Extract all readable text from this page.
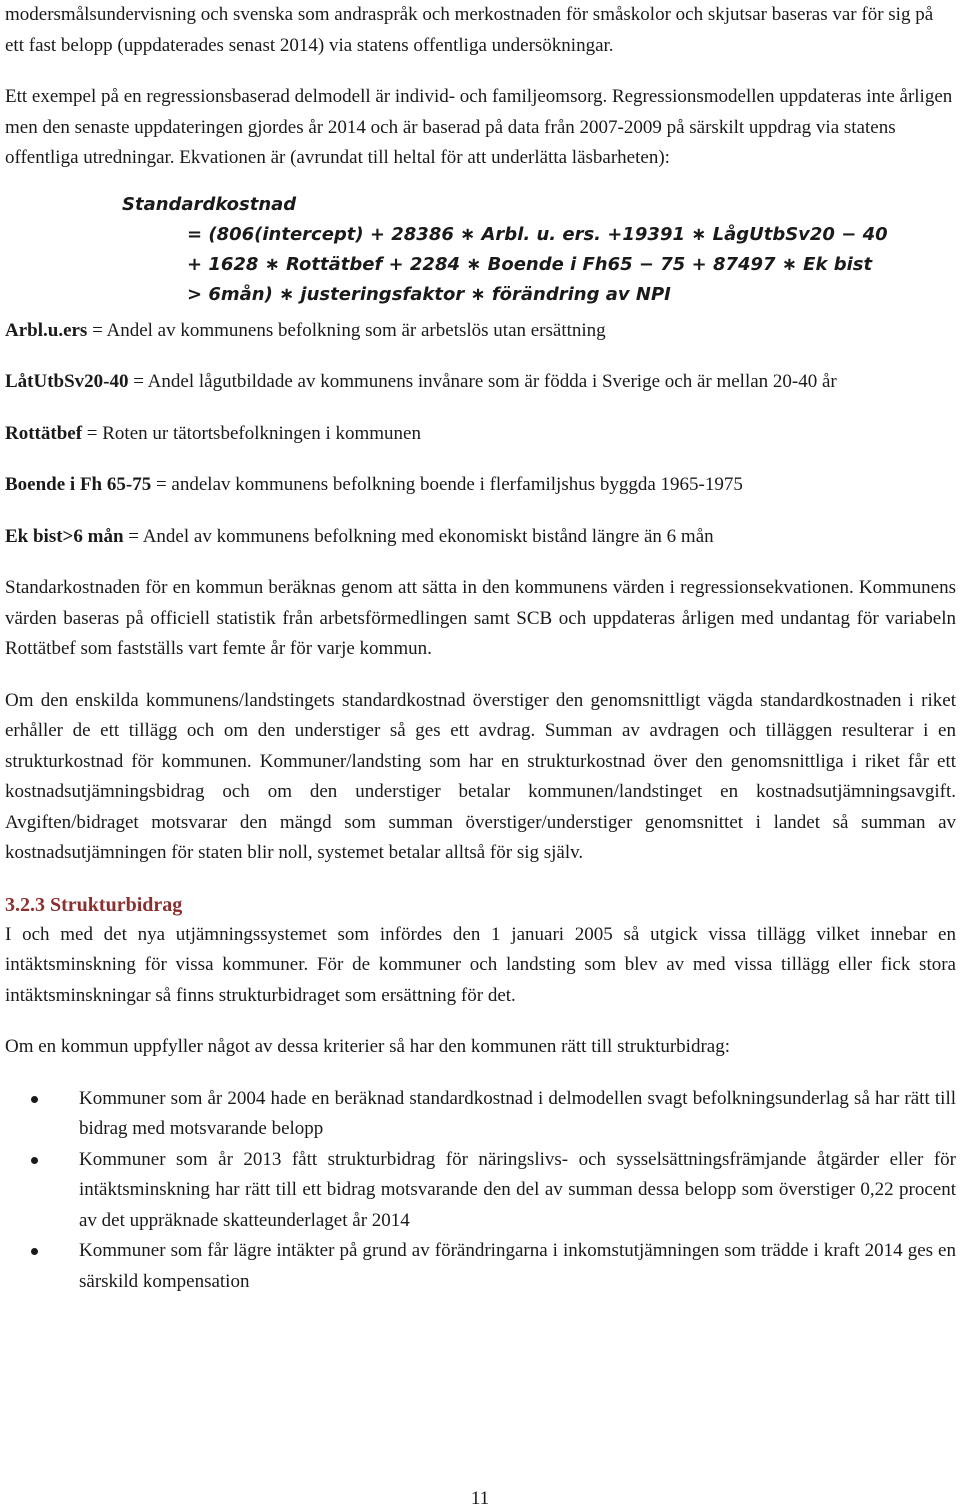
modersmålsundervisning och svenska som andraspråk och merkostnaden för småskolor och skjutsar baseras var för sig på ett fast belopp (uppdaterades senast 2014) via statens offentliga undersökningar.

Ett exempel på en regressionsbaserad delmodell är individ- och familjeomsorg. Regressionsmodellen uppdateras inte årligen men den senaste uppdateringen gjordes år 2014 och är baserad på data från 2007-2009 på särskilt uppdrag via statens offentliga utredningar. Ekvationen är (avrundat till heltal för att underlätta läsbarheten):

Standardkostnad
= (806(intercept) + 28386 ∗ Arbl. u. ers. +19391 ∗ LågUtbSv20 − 40
+ 1628 ∗ Rottätbef + 2284 ∗ Boende i Fh65 − 75 + 87497 ∗ Ek bist
> 6mån) ∗ justeringsfaktor ∗ förändring av NPI

Arbl.u.ers = Andel av kommunens befolkning som är arbetslös utan ersättning

LåtUtbSv20-40 = Andel lågutbildade av kommunens invånare som är födda i Sverige och är mellan 20-40 år

Rottätbef = Roten ur tätortsbefolkningen i kommunen

Boende i Fh 65-75 = andelav kommunens befolkning boende i flerfamiljshus byggda 1965-1975

Ek bist>6 mån = Andel av kommunens befolkning med ekonomiskt bistånd längre än 6 mån

Standarkostnaden för en kommun beräknas genom att sätta in den kommunens värden i regressionsekvationen. Kommunens värden baseras på officiell statistik från arbetsförmedlingen samt SCB och uppdateras årligen med undantag för variabeln Rottätbef som fastställs vart femte år för varje kommun.

Om den enskilda kommunens/landstingets standardkostnad överstiger den genomsnittligt vägda standardkostnaden i riket erhåller de ett tillägg och om den understiger så ges ett avdrag. Summan av avdragen och tilläggen resulterar i en strukturkostnad för kommunen. Kommuner/landsting som har en strukturkostnad över den genomsnittliga i riket får ett kostnadsutjämningsbidrag och om den understiger betalar kommunen/landstinget en kostnadsutjämningsavgift. Avgiften/bidraget motsvarar den mängd som summan överstiger/understiger genomsnittet i landet så summan av kostnadsutjämningen för staten blir noll, systemet betalar alltså för sig själv.

3.2.3 Strukturbidrag

I och med det nya utjämningssystemet som infördes den 1 januari 2005 så utgick vissa tillägg vilket innebar en intäktsminskning för vissa kommuner. För de kommuner och landsting som blev av med vissa tillägg eller fick stora intäktsminskningar så finns strukturbidraget som ersättning för det.

Om en kommun uppfyller något av dessa kriterier så har den kommunen rätt till strukturbidrag:

Kommuner som år 2004 hade en beräknad standardkostnad i delmodellen svagt befolkningsunderlag så har rätt till bidrag med motsvarande belopp
Kommuner som år 2013 fått strukturbidrag för näringslivs- och sysselsättningsfrämjande åtgärder eller för intäktsminskning har rätt till ett bidrag motsvarande den del av summan dessa belopp som överstiger 0,22 procent av det uppräknade skatteunderlaget år 2014
Kommuner som får lägre intäkter på grund av förändringarna i inkomstutjämningen som trädde i kraft 2014 ges en särskild kompensation
11
